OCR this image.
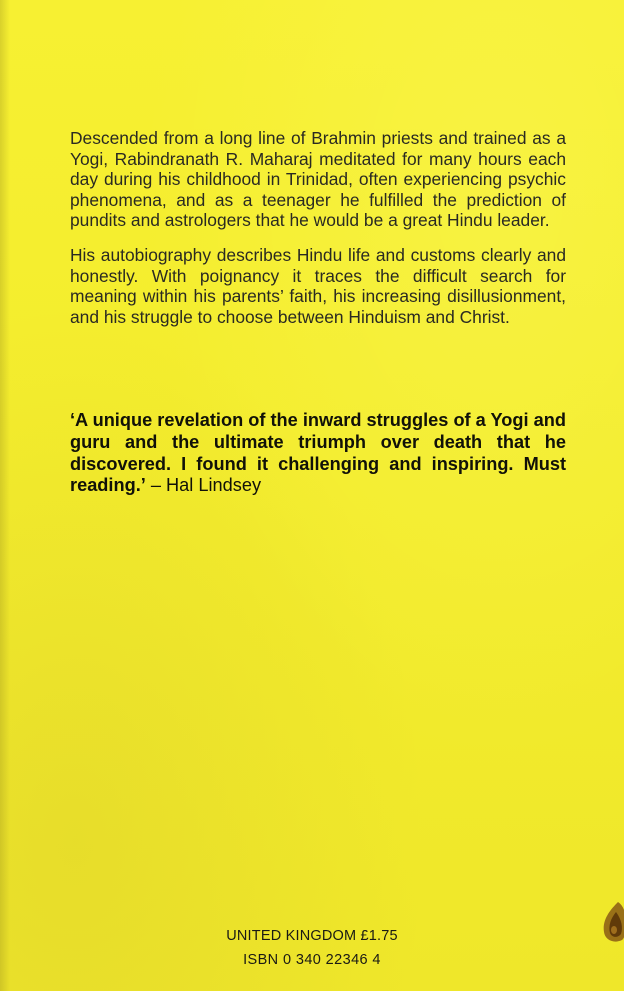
Descended from a long line of Brahmin priests and trained as a Yogi, Rabindranath R. Maharaj meditated for many hours each day during his childhood in Trinidad, often experiencing psychic phenomena, and as a teenager he fulfilled the prediction of pundits and astrologers that he would be a great Hindu leader.

His autobiography describes Hindu life and customs clearly and honestly. With poignancy it traces the difficult search for meaning within his parents’ faith, his increasing disillusionment, and his struggle to choose between Hinduism and Christ.

‘A unique revelation of the inward struggles of a Yogi and guru and the ultimate triumph over death that he discovered. I found it challenging and inspiring. Must reading.’ – Hal Lindsey
UNITED KINGDOM £1.75
ISBN 0 340 22346 4
